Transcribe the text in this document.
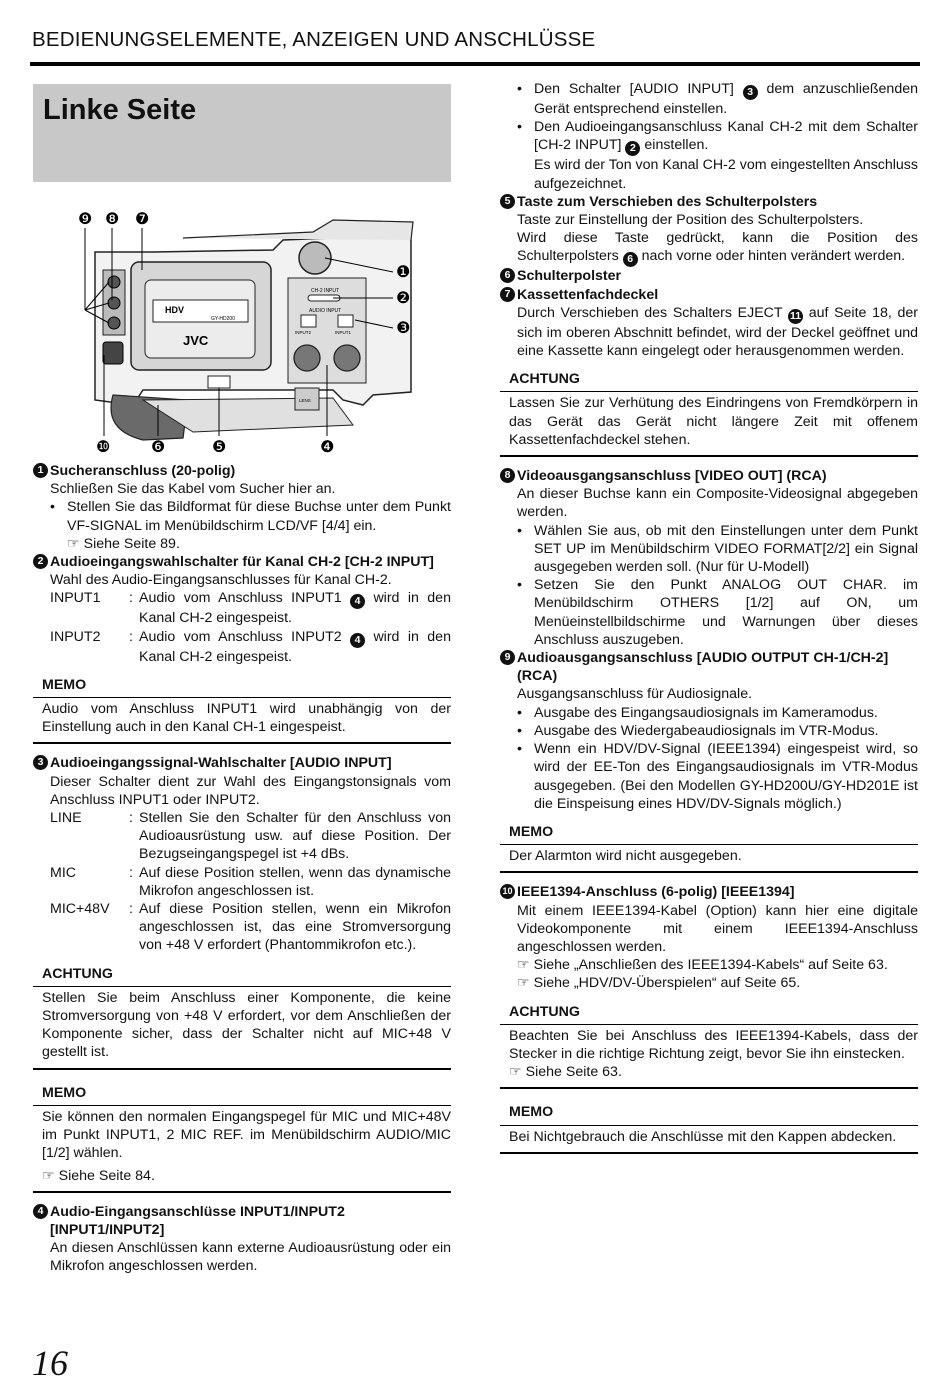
BEDIENUNGSELEMENTE, ANZEIGEN UND ANSCHLÜSSE
Linke Seite
HDV
GY-HD200
JVC
CH-2 INPUT
AUDIO INPUT
INPUT2	INPUT1
LENS
❾ ❽ ❼
❶
❷
❸
❿	❻	❺	❹
1 Sucheranschluss (20-polig)

Schließen Sie das Kabel vom Sucher hier an.

• Stellen Sie das Bildformat für diese Buchse unter dem Punkt VF-SIGNAL im Menübildschirm LCD/VF [4/4] ein.

☞ Siehe Seite 89.

2 Audioeingangswahlschalter für Kanal CH-2 [CH-2 INPUT]

Wahl des Audio-Eingangsanschlusses für Kanal CH-2.

INPUT1	: Audio vom Anschluss INPUT1 4 wird in den Kanal CH-2 eingespeist.
INPUT2	: Audio vom Anschluss INPUT2 4 wird in den Kanal CH-2 eingespeist.
MEMO
Audio vom Anschluss INPUT1 wird unabhängig von der Einstellung auch in den Kanal CH-1 eingespeist.
3 Audioeingangssignal-Wahlschalter [AUDIO INPUT]

Dieser Schalter dient zur Wahl des Eingangstonsignals vom Anschluss INPUT1 oder INPUT2.

LINE	: Stellen Sie den Schalter für den Anschluss von Audioausrüstung usw. auf diese Position. Der Bezugseingangspegel ist +4 dBs.
MIC	: Auf diese Position stellen, wenn das dynamische Mikrofon angeschlossen ist.
MIC+48V	: Auf diese Position stellen, wenn ein Mikrofon angeschlossen ist, das eine Stromversorgung von +48 V erfordert (Phantommikrofon etc.).
ACHTUNG
Stellen Sie beim Anschluss einer Komponente, die keine Stromversorgung von +48 V erfordert, vor dem Anschließen der Komponente sicher, dass der Schalter nicht auf MIC+48 V gestellt ist.
MEMO
Sie können den normalen Eingangspegel für MIC und MIC+48V im Punkt INPUT1, 2 MIC REF. im Menübildschirm AUDIO/MIC [1/2] wählen.
☞ Siehe Seite 84.
4 Audio-Eingangsanschlüsse INPUT1/INPUT2 [INPUT1/INPUT2]

An diesen Anschlüssen kann externe Audioausrüstung oder ein Mikrofon angeschlossen werden.

• Den Schalter [AUDIO INPUT] 3 dem anzuschließenden Gerät entsprechend einstellen.
• Den Audioeingangsanschluss Kanal CH-2 mit dem Schalter [CH-2 INPUT] 2 einstellen.

Es wird der Ton von Kanal CH-2 vom eingestellten Anschluss aufgezeichnet.

5 Taste zum Verschieben des Schulterpolsters

Taste zur Einstellung der Position des Schulterpolsters.

Wird diese Taste gedrückt, kann die Position des Schulterpolsters 6 nach vorne oder hinten verändert werden.

6 Schulterpolster
7 Kassettenfachdeckel

Durch Verschieben des Schalters EJECT 11 auf Seite 18, der sich im oberen Abschnitt befindet, wird der Deckel geöffnet und eine Kassette kann eingelegt oder herausgenommen werden.

ACHTUNG
Lassen Sie zur Verhütung des Eindringens von Fremdkörpern in das Gerät das Gerät nicht längere Zeit mit offenem Kassettenfachdeckel stehen.
8 Videoausgangsanschluss [VIDEO OUT] (RCA)

An dieser Buchse kann ein Composite-Videosignal abgegeben werden.

• Wählen Sie aus, ob mit den Einstellungen unter dem Punkt SET UP im Menübildschirm VIDEO FORMAT[2/2] ein Signal ausgegeben werden soll. (Nur für U-Modell)
• Setzen Sie den Punkt ANALOG OUT CHAR. im Menübildschirm OTHERS [1/2] auf ON, um Menüeinstellbildschirme und Warnungen über dieses Anschluss auszugeben.
9 Audioausgangsanschluss [AUDIO OUTPUT CH-1/CH-2] (RCA)

Ausgangsanschluss für Audiosignale.

• Ausgabe des Eingangsaudiosignals im Kameramodus.
• Ausgabe des Wiedergabeaudiosignals im VTR-Modus.
• Wenn ein HDV/DV-Signal (IEEE1394) eingespeist wird, so wird der EE-Ton des Eingangsaudiosignals im VTR-Modus ausgegeben. (Bei den Modellen GY-HD200U/GY-HD201E ist die Einspeisung eines HDV/DV-Signals möglich.)
MEMO
Der Alarmton wird nicht ausgegeben.
10 IEEE1394-Anschluss (6-polig) [IEEE1394]

Mit einem IEEE1394-Kabel (Option) kann hier eine digitale Videokomponente mit einem IEEE1394-Anschluss angeschlossen werden.

☞ Siehe „Anschließen des IEEE1394-Kabels“ auf Seite 63.

☞ Siehe „HDV/DV-Überspielen“ auf Seite 65.

ACHTUNG
Beachten Sie bei Anschluss des IEEE1394-Kabels, dass der Stecker in die richtige Richtung zeigt, bevor Sie ihn einstecken.
☞ Siehe Seite 63.
MEMO
Bei Nichtgebrauch die Anschlüsse mit den Kappen abdecken.
16
